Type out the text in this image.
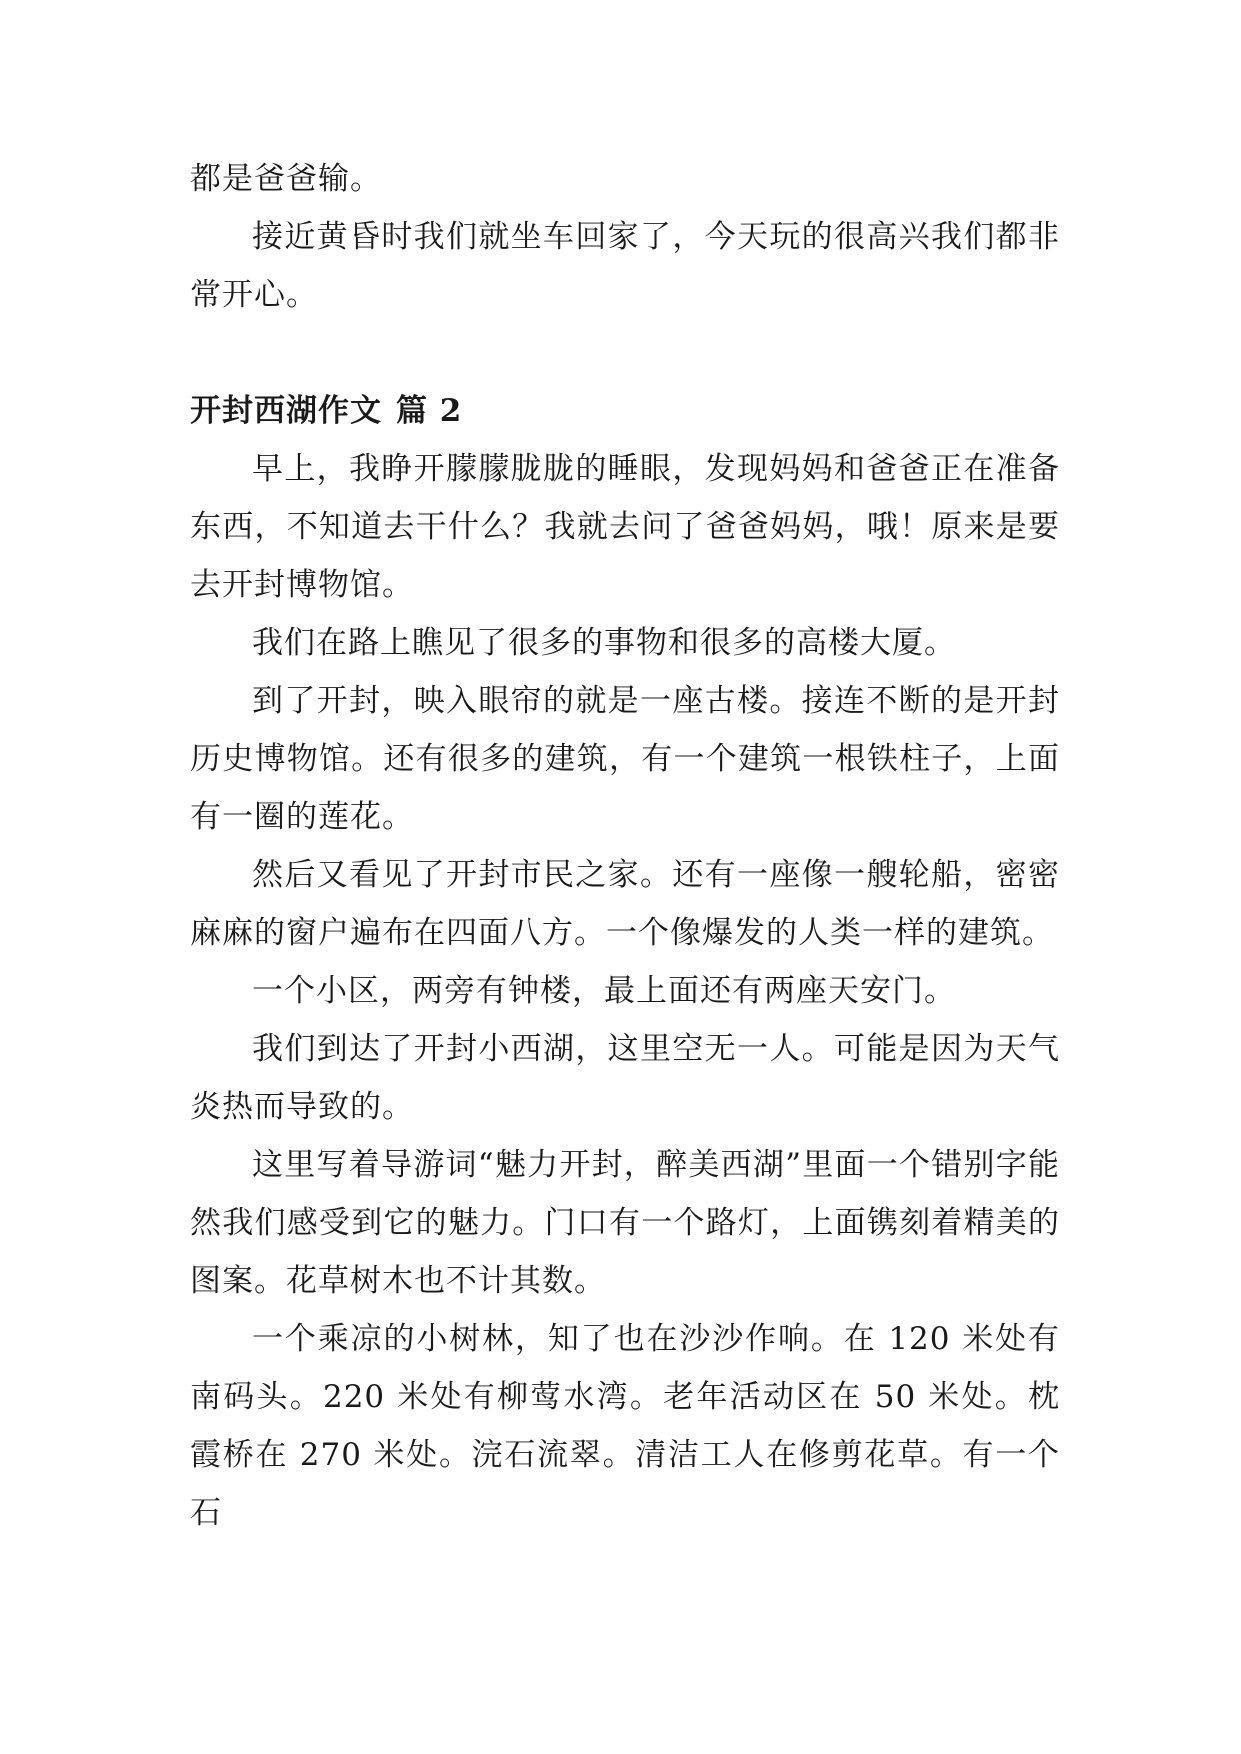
都是爸爸输。

接近黄昏时我们就坐车回家了，今天玩的很高兴我们都非常开心。

开封西湖作文 篇 2

早上，我睁开朦朦胧胧的睡眼，发现妈妈和爸爸正在准备东西，不知道去干什么？我就去问了爸爸妈妈，哦！原来是要去开封博物馆。

我们在路上瞧见了很多的事物和很多的高楼大厦。

到了开封，映入眼帘的就是一座古楼。接连不断的是开封历史博物馆。还有很多的建筑，有一个建筑一根铁柱子，上面有一圈的莲花。

然后又看见了开封市民之家。还有一座像一艘轮船，密密麻麻的窗户遍布在四面八方。一个像爆发的人类一样的建筑。

一个小区，两旁有钟楼，最上面还有两座天安门。

我们到达了开封小西湖，这里空无一人。可能是因为天气炎热而导致的。

这里写着导游词“魅力开封，醉美西湖”里面一个错别字能然我们感受到它的魅力。门口有一个路灯，上面镌刻着精美的图案。花草树木也不计其数。

一个乘凉的小树林，知了也在沙沙作响。在 120 米处有南码头。220 米处有柳莺水湾。老年活动区在 50 米处。枕霞桥在 270 米处。浣石流翠。清洁工人在修剪花草。有一个石
